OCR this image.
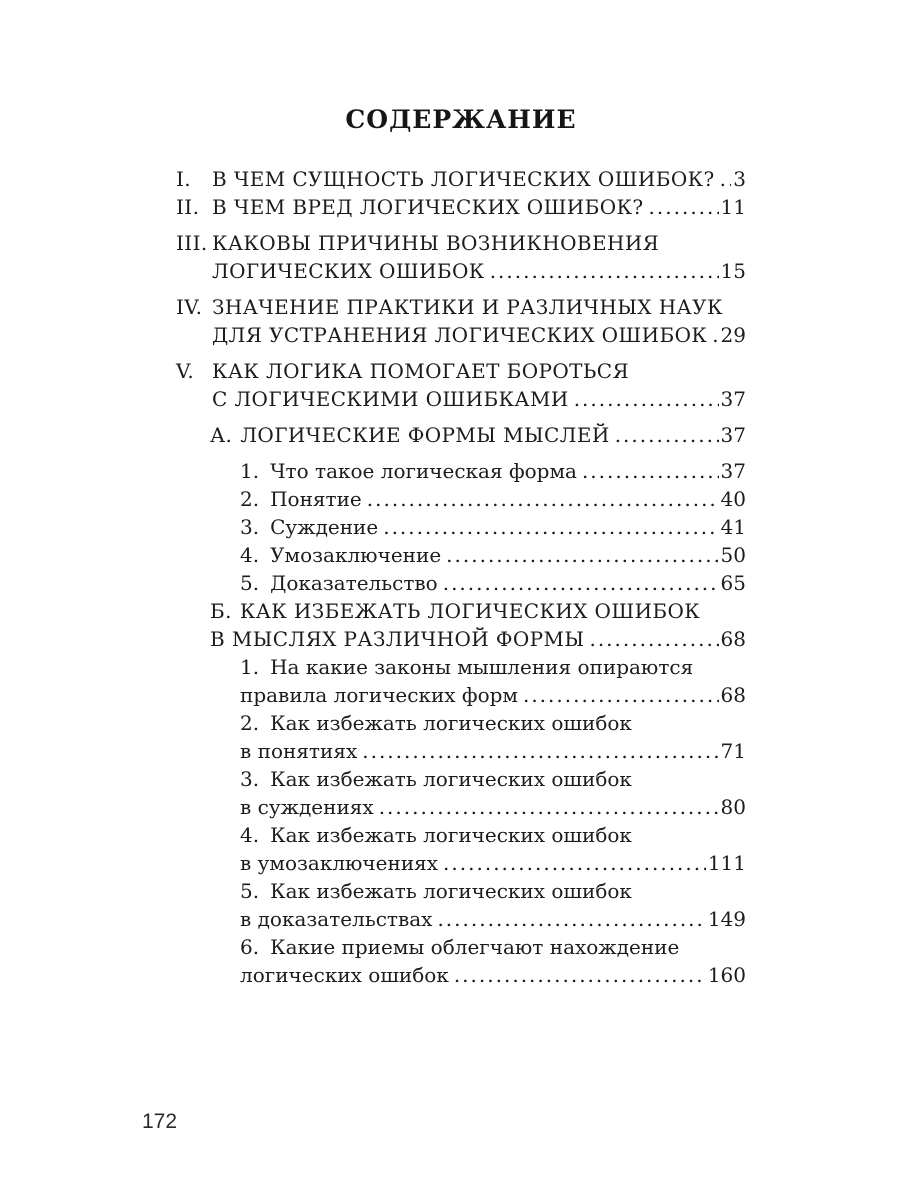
СОДЕРЖАНИЕ
I. В ЧЕМ СУЩНОСТЬ ЛОГИЧЕСКИХ ОШИБОК? ..... 3
II. В ЧЕМ ВРЕД ЛОГИЧЕСКИХ ОШИБОК? .....	11
III. КАКОВЫ ПРИЧИНЫ ВОЗНИКНОВЕНИЯ
ЛОГИЧЕСКИХ ОШИБОК .....	15
IV. ЗНАЧЕНИЕ ПРАКТИКИ И РАЗЛИЧНЫХ НАУК
ДЛЯ УСТРАНЕНИЯ ЛОГИЧЕСКИХ ОШИБОК ..... 29
V. КАК ЛОГИКА ПОМОГАЕТ БОРОТЬСЯ
С ЛОГИЧЕСКИМИ ОШИБКАМИ .....	37
А. ЛОГИЧЕСКИЕ ФОРМЫ МЫСЛЕЙ .....	37
1. Что такое логическая форма .....	37
2. Понятие .....	40
3. Суждение .....	41
4. Умозаключение .....	50
5. Доказательство .....	65
Б. КАК ИЗБЕЖАТЬ ЛОГИЧЕСКИХ ОШИБОК
В МЫСЛЯХ РАЗЛИЧНОЙ ФОРМЫ .....	68
1. На какие законы мышления опираются
правила логических форм .....	68
2. Как избежать логических ошибок
в понятиях .....	71
3. Как избежать логических ошибок
в суждениях .....	80
4. Как избежать логических ошибок
в умозаключениях .....	111
5. Как избежать логических ошибок
в доказательствах .....	149
6. Какие приемы облегчают нахождение
логических ошибок .....	160
172
